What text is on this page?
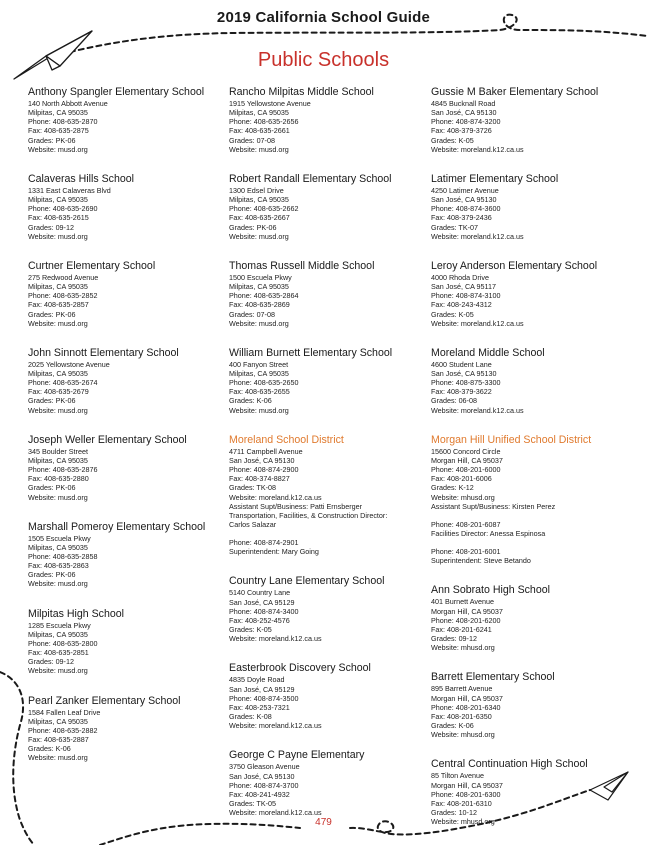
2019 California School Guide
Public Schools
Anthony Spangler Elementary School
140 North Abbott Avenue
Milpitas, CA 95035
Phone: 408-635-2870
Fax: 408-635-2875
Grades: PK-06
Website: musd.org
Calaveras Hills School
1331 East Calaveras Blvd
Milpitas, CA 95035
Phone: 408-635-2690
Fax: 408-635-2615
Grades: 09-12
Website: musd.org
Curtner Elementary School
275 Redwood Avenue
Milpitas, CA 95035
Phone: 408-635-2852
Fax: 408-635-2857
Grades: PK-06
Website: musd.org
John Sinnott Elementary School
2025 Yellowstone Avenue
Milpitas, CA 95035
Phone: 408-635-2674
Fax: 408-635-2679
Grades: PK-06
Website: musd.org
Joseph Weller Elementary School
345 Boulder Street
Milpitas, CA 95035
Phone: 408-635-2876
Fax: 408-635-2880
Grades: PK-06
Website: musd.org
Marshall Pomeroy Elementary School
1505 Escuela Pkwy
Milpitas, CA 95035
Phone: 408-635-2858
Fax: 408-635-2863
Grades: PK-06
Website: musd.org
Milpitas High School
1285 Escuela Pkwy
Milpitas, CA 95035
Phone: 408-635-2800
Fax: 408-635-2851
Grades: 09-12
Website: musd.org
Pearl Zanker Elementary School
1584 Fallen Leaf Drive
Milpitas, CA 95035
Phone: 408-635-2882
Fax: 408-635-2887
Grades: K-06
Website: musd.org
Rancho Milpitas Middle School
1915 Yellowstone Avenue
Milpitas, CA 95035
Phone: 408-635-2656
Fax: 408-635-2661
Grades: 07-08
Website: musd.org
Robert Randall Elementary School
1300 Edsel Drive
Milpitas, CA 95035
Phone: 408-635-2662
Fax: 408-635-2667
Grades: PK-06
Website: musd.org
Thomas Russell Middle School
1500 Escuela Pkwy
Milpitas, CA 95035
Phone: 408-635-2864
Fax: 408-635-2869
Grades: 07-08
Website: musd.org
William Burnett Elementary School
400 Fanyon Street
Milpitas, CA 95035
Phone: 408-635-2650
Fax: 408-635-2655
Grades: K-06
Website: musd.org
Moreland School District
4711 Campbell Avenue
San José, CA 95130
Phone: 408-874-2900
Fax: 408-374-8827
Grades: TK-08
Website: moreland.k12.ca.us
Assistant Supt/Business: Patti Ernsberger
Transportation, Facilities, & Construction Director:
Carlos Salazar
Phone: 408-874-2901
Superintendent: Mary Going
Country Lane Elementary School
5140 Country Lane
San José, CA 95129
Phone: 408-874-3400
Fax: 408-252-4576
Grades: K-05
Website: moreland.k12.ca.us
Easterbrook Discovery School
4835 Doyle Road
San José, CA 95129
Phone: 408-874-3500
Fax: 408-253-7321
Grades: K-08
Website: moreland.k12.ca.us
George C Payne Elementary
3750 Gleason Avenue
San José, CA 95130
Phone: 408-874-3700
Fax: 408-241-4932
Grades: TK-05
Website: moreland.k12.ca.us
Gussie M Baker Elementary School
4845 Bucknall Road
San José, CA 95130
Phone: 408-874-3200
Fax: 408-379-3726
Grades: K-05
Website: moreland.k12.ca.us
Latimer Elementary School
4250 Latimer Avenue
San José, CA 95130
Phone: 408-874-3600
Fax: 408-379-2436
Grades: TK-07
Website: moreland.k12.ca.us
Leroy Anderson Elementary School
4000 Rhoda Drive
San José, CA 95117
Phone: 408-874-3100
Fax: 408-243-4312
Grades: K-05
Website: moreland.k12.ca.us
Moreland Middle School
4600 Student Lane
San José, CA 95130
Phone: 408-875-3300
Fax: 408-379-3622
Grades: 06-08
Website: moreland.k12.ca.us
Morgan Hill Unified School District
15600 Concord Circle
Morgan Hill, CA 95037
Phone: 408-201-6000
Fax: 408-201-6006
Grades: K-12
Website: mhusd.org
Assistant Supt/Business: Kirsten Perez
Phone: 408-201-6087
Facilities Director: Anessa Espinosa
Phone: 408-201-6001
Superintendent: Steve Betando
Ann Sobrato High School
401 Burnett Avenue
Morgan Hill, CA 95037
Phone: 408-201-6200
Fax: 408-201-6241
Grades: 09-12
Website: mhusd.org
Barrett Elementary School
895 Barrett Avenue
Morgan Hill, CA 95037
Phone: 408-201-6340
Fax: 408-201-6350
Grades: K-06
Website: mhusd.org
Central Continuation High School
85 Tilton Avenue
Morgan Hill, CA 95037
Phone: 408-201-6300
Fax: 408-201-6310
Grades: 10-12
Website: mhusd.org
479
